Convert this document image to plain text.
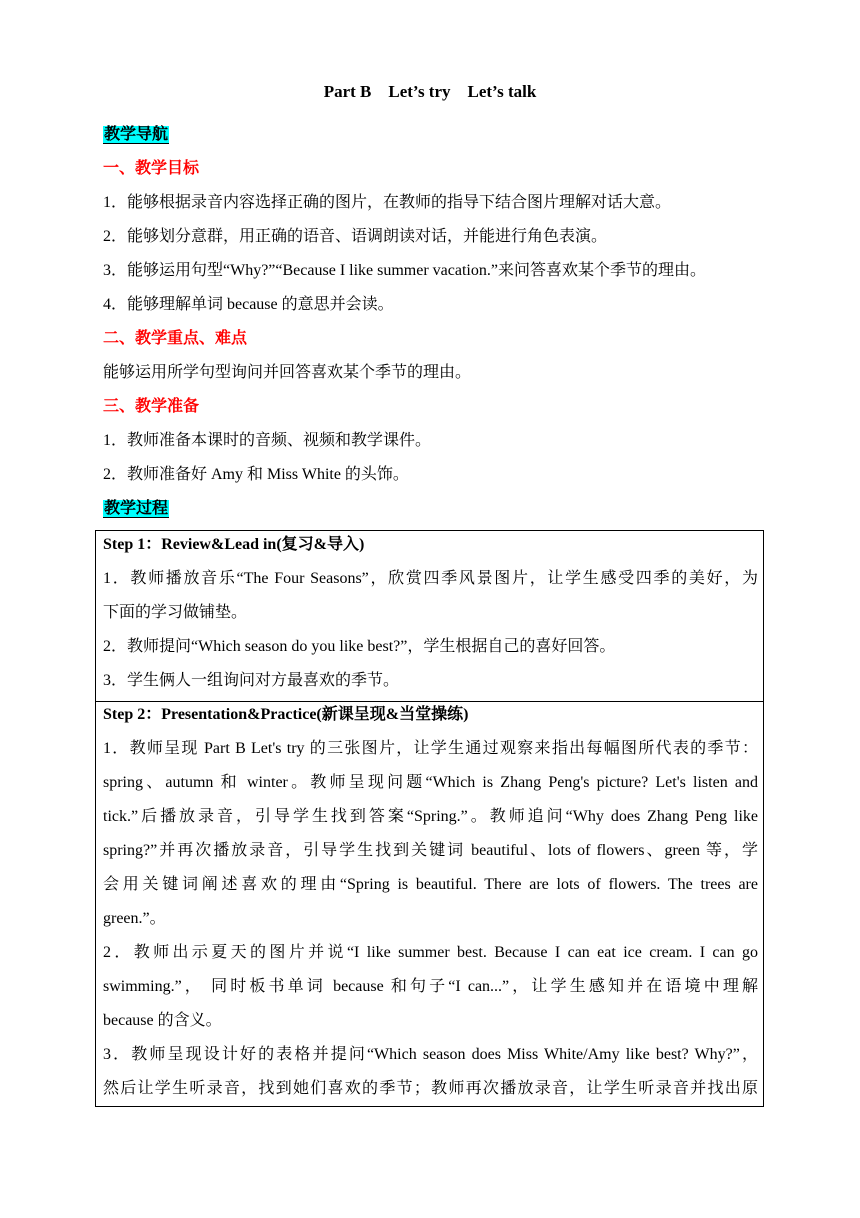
Part B    Let’s try    Let’s talk
教学导航
一、教学目标
1．能够根据录音内容选择正确的图片，在教师的指导下结合图片理解对话大意。
2．能够划分意群，用正确的语音、语调朗读对话，并能进行角色表演。
3．能够运用句型“Why?”“Because I like summer vacation.”来问答喜欢某个季节的理由。
4．能够理解单词 because 的意思并会读。
二、教学重点、难点
能够运用所学句型询问并回答喜欢某个季节的理由。
三、教学准备
1．教师准备本课时的音频、视频和教学课件。
2．教师准备好 Amy 和 Miss White 的头饰。
教学过程
Step 1：Review&Lead in(复习&导入)
1．教师播放音乐“The Four Seasons”，欣赏四季风景图片，让学生感受四季的美好，为
下面的学习做铺垫。
2．教师提问“Which season do you like best?”，学生根据自己的喜好回答。
3．学生俩人一组询问对方最喜欢的季节。
Step 2：Presentation&Practice(新课呈现&当堂操练)
1．教师呈现 Part B Let's try 的三张图片，让学生通过观察来指出每幅图所代表的季节：
spring、autumn 和 winter。教师呈现问题“Which is Zhang Peng's picture? Let's listen and
tick.”后播放录音，引导学生找到答案“Spring.”。教师追问“Why does Zhang Peng like
spring?”并再次播放录音，引导学生找到关键词 beautiful、lots of flowers、green 等，学
会用关键词阐述喜欢的理由“Spring is beautiful. There are lots of flowers. The trees are
green.”。
2．教师出示夏天的图片并说“I like summer best. Because I can eat ice cream. I can go
swimming.”， 同时板书单词 because 和句子“I can...”，让学生感知并在语境中理解
because 的含义。
3．教师呈现设计好的表格并提问“Which season does Miss White/Amy like best? Why?”，
然后让学生听录音，找到她们喜欢的季节；教师再次播放录音，让学生听录音并找出原
